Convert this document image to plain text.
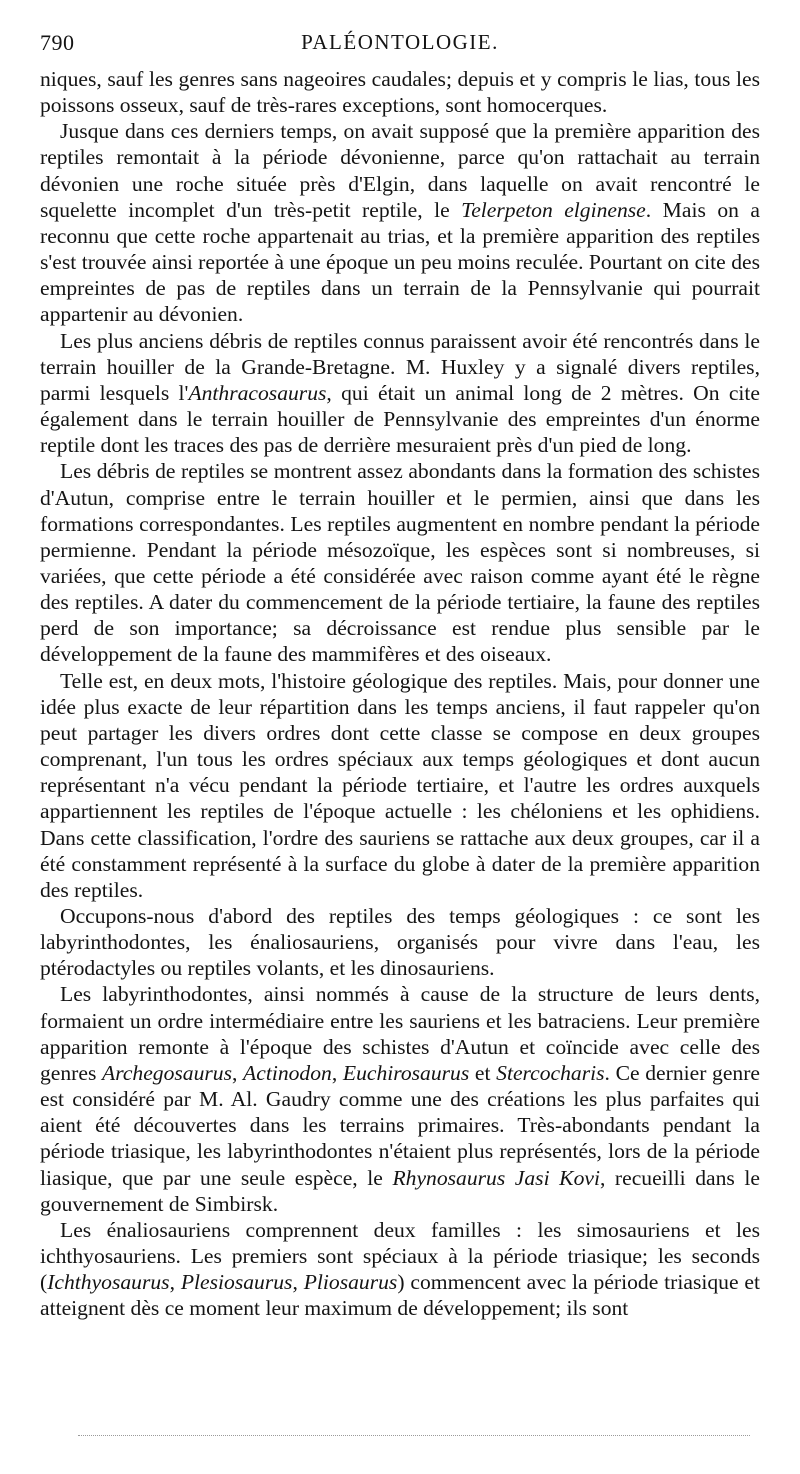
790	PALÉONTOLOGIE.

niques, sauf les genres sans nageoires caudales; depuis et y compris le lias, tous les poissons osseux, sauf de très-rares exceptions, sont homocerques.

Jusque dans ces derniers temps, on avait supposé que la première apparition des reptiles remontait à la période dévonienne, parce qu'on rattachait au terrain dévonien une roche située près d'Elgin, dans laquelle on avait rencontré le squelette incomplet d'un très-petit reptile, le Telerpeton elginense. Mais on a reconnu que cette roche appartenait au trias, et la première apparition des reptiles s'est trouvée ainsi reportée à une époque un peu moins reculée. Pourtant on cite des empreintes de pas de reptiles dans un terrain de la Pennsylvanie qui pourrait appartenir au dévonien.

Les plus anciens débris de reptiles connus paraissent avoir été rencontrés dans le terrain houiller de la Grande-Bretagne. M. Huxley y a signalé divers reptiles, parmi lesquels l'Anthracosaurus, qui était un animal long de 2 mètres. On cite également dans le terrain houiller de Pennsylvanie des empreintes d'un énorme reptile dont les traces des pas de derrière mesuraient près d'un pied de long.

Les débris de reptiles se montrent assez abondants dans la formation des schistes d'Autun, comprise entre le terrain houiller et le permien, ainsi que dans les formations correspondantes. Les reptiles augmentent en nombre pendant la période permienne. Pendant la période mésozoïque, les espèces sont si nombreuses, si variées, que cette période a été considérée avec raison comme ayant été le règne des reptiles. A dater du commencement de la période tertiaire, la faune des reptiles perd de son importance; sa décroissance est rendue plus sensible par le développement de la faune des mammifères et des oiseaux.

Telle est, en deux mots, l'histoire géologique des reptiles. Mais, pour donner une idée plus exacte de leur répartition dans les temps anciens, il faut rappeler qu'on peut partager les divers ordres dont cette classe se compose en deux groupes comprenant, l'un tous les ordres spéciaux aux temps géologiques et dont aucun représentant n'a vécu pendant la période tertiaire, et l'autre les ordres auxquels appartiennent les reptiles de l'époque actuelle : les chéloniens et les ophidiens. Dans cette classification, l'ordre des sauriens se rattache aux deux groupes, car il a été constamment représenté à la surface du globe à dater de la première apparition des reptiles.

Occupons-nous d'abord des reptiles des temps géologiques : ce sont les labyrinthodontes, les énaliosauriens, organisés pour vivre dans l'eau, les ptérodactyles ou reptiles volants, et les dinosauriens.

Les labyrinthodontes, ainsi nommés à cause de la structure de leurs dents, formaient un ordre intermédiaire entre les sauriens et les batraciens. Leur première apparition remonte à l'époque des schistes d'Autun et coïncide avec celle des genres Archegosaurus, Actinodon, Euchirosaurus et Stercocharis. Ce dernier genre est considéré par M. Al. Gaudry comme une des créations les plus parfaites qui aient été découvertes dans les terrains primaires. Très-abondants pendant la période triasique, les labyrinthodontes n'étaient plus représentés, lors de la période liasique, que par une seule espèce, le Rhynosaurus Jasi Kovi, recueilli dans le gouvernement de Simbirsk.

Les énaliosauriens comprennent deux familles : les simosauriens et les ichthyosauriens. Les premiers sont spéciaux à la période triasique; les seconds (Ichthyosaurus, Plesiosaurus, Pliosaurus) commencent avec la période triasique et atteignent dès ce moment leur maximum de développement; ils sont
